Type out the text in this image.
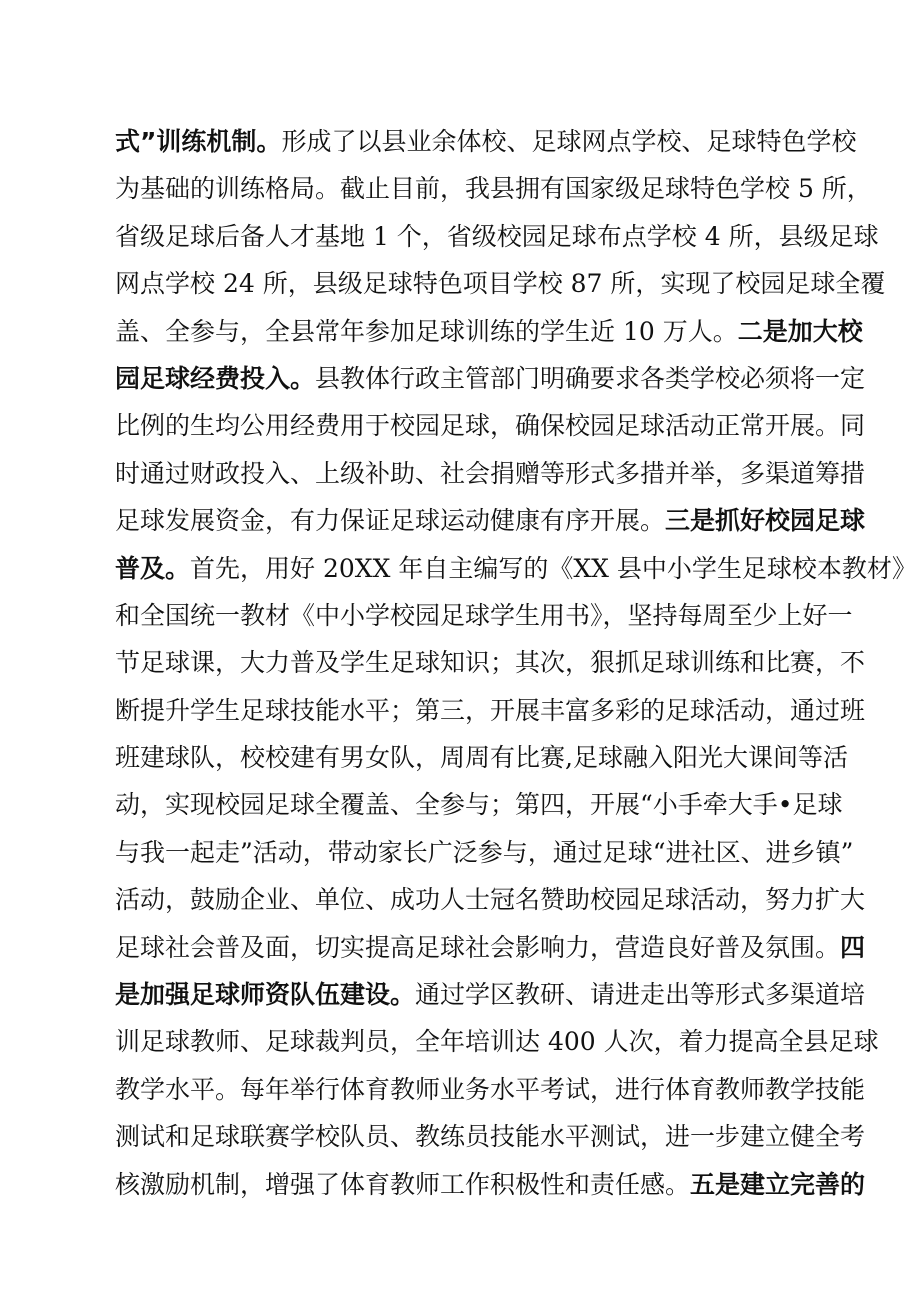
式”训练机制。形成了以县业余体校、足球网点学校、足球特色学校
为基础的训练格局。截止目前，我县拥有国家级足球特色学校 5 所，
省级足球后备人才基地 1 个，省级校园足球布点学校 4 所，县级足球
网点学校 24 所，县级足球特色项目学校 87 所，实现了校园足球全覆
盖、全参与，全县常年参加足球训练的学生近 10 万人。二是加大校
园足球经费投入。县教体行政主管部门明确要求各类学校必须将一定
比例的生均公用经费用于校园足球，确保校园足球活动正常开展。同
时通过财政投入、上级补助、社会捐赠等形式多措并举，多渠道筹措
足球发展资金，有力保证足球运动健康有序开展。三是抓好校园足球
普及。首先，用好 20XX 年自主编写的《XX 县中小学生足球校本教材》
和全国统一教材《中小学校园足球学生用书》，坚持每周至少上好一
节足球课，大力普及学生足球知识；其次，狠抓足球训练和比赛，不
断提升学生足球技能水平；第三，开展丰富多彩的足球活动，通过班
班建球队，校校建有男女队，周周有比赛,足球融入阳光大课间等活
动，实现校园足球全覆盖、全参与；第四，开展“小手牵大手•足球
与我一起走”活动，带动家长广泛参与，通过足球“进社区、进乡镇”
活动，鼓励企业、单位、成功人士冠名赞助校园足球活动，努力扩大
足球社会普及面，切实提高足球社会影响力，营造良好普及氛围。四
是加强足球师资队伍建设。通过学区教研、请进走出等形式多渠道培
训足球教师、足球裁判员，全年培训达 400 人次，着力提高全县足球
教学水平。每年举行体育教师业务水平考试，进行体育教师教学技能
测试和足球联赛学校队员、教练员技能水平测试，进一步建立健全考
核激励机制，增强了体育教师工作积极性和责任感。五是建立完善的
